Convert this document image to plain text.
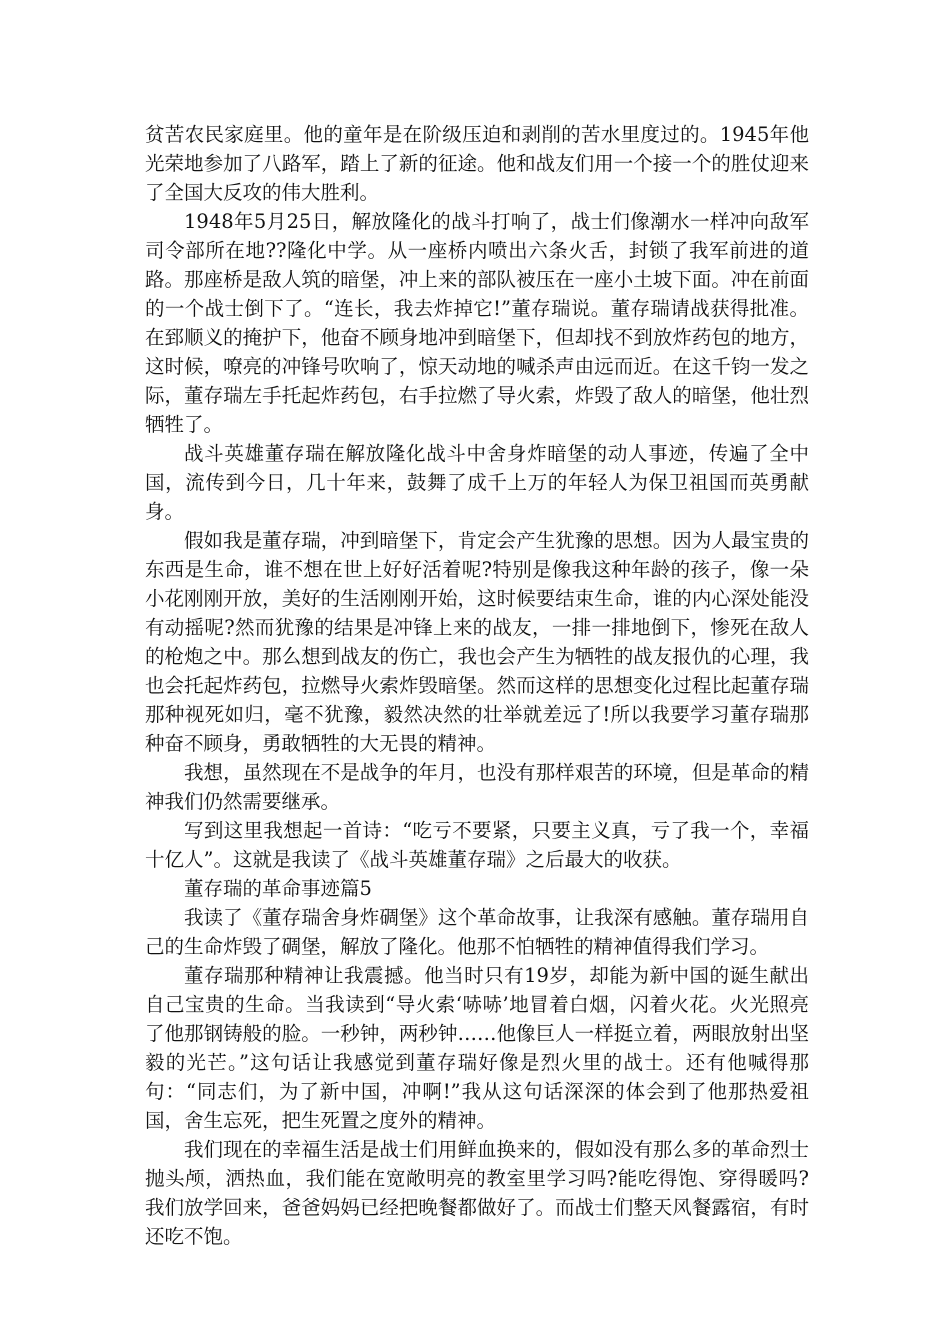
贫苦农民家庭里。他的童年是在阶级压迫和剥削的苦水里度过的。1945年他光荣地参加了八路军，踏上了新的征途。他和战友们用一个接一个的胜仗迎来了全国大反攻的伟大胜利。

1948年5月25日，解放隆化的战斗打响了，战士们像潮水一样冲向敌军司令部所在地??隆化中学。从一座桥内喷出六条火舌，封锁了我军前进的道路。那座桥是敌人筑的暗堡，冲上来的部队被压在一座小土坡下面。冲在前面的一个战士倒下了。“连长，我去炸掉它!”董存瑞说。董存瑞请战获得批准。在郅顺义的掩护下，他奋不顾身地冲到暗堡下，但却找不到放炸药包的地方，这时候，嘹亮的冲锋号吹响了，惊天动地的喊杀声由远而近。在这千钧一发之际，董存瑞左手托起炸药包，右手拉燃了导火索，炸毁了敌人的暗堡，他壮烈牺牲了。

战斗英雄董存瑞在解放隆化战斗中舍身炸暗堡的动人事迹，传遍了全中国，流传到今日，几十年来，鼓舞了成千上万的年轻人为保卫祖国而英勇献身。

假如我是董存瑞，冲到暗堡下，肯定会产生犹豫的思想。因为人最宝贵的东西是生命，谁不想在世上好好活着呢?特别是像我这种年龄的孩子，像一朵小花刚刚开放，美好的生活刚刚开始，这时候要结束生命，谁的内心深处能没有动摇呢?然而犹豫的结果是冲锋上来的战友，一排一排地倒下，惨死在敌人的枪炮之中。那么想到战友的伤亡，我也会产生为牺牲的战友报仇的心理，我也会托起炸药包，拉燃导火索炸毁暗堡。然而这样的思想变化过程比起董存瑞那种视死如归，毫不犹豫，毅然决然的壮举就差远了!所以我要学习董存瑞那种奋不顾身，勇敢牺牲的大无畏的精神。

我想，虽然现在不是战争的年月，也没有那样艰苦的环境，但是革命的精神我们仍然需要继承。

写到这里我想起一首诗：“吃亏不要紧，只要主义真，亏了我一个，幸福十亿人”。这就是我读了《战斗英雄董存瑞》之后最大的收获。

董存瑞的革命事迹篇5

我读了《董存瑞舍身炸碉堡》这个革命故事，让我深有感触。董存瑞用自己的生命炸毁了碉堡，解放了隆化。他那不怕牺牲的精神值得我们学习。

董存瑞那种精神让我震撼。他当时只有19岁，却能为新中国的诞生献出自己宝贵的生命。当我读到“导火索‘哧哧’地冒着白烟，闪着火花。火光照亮了他那钢铸般的脸。一秒钟，两秒钟……他像巨人一样挺立着，两眼放射出坚毅的光芒。”这句话让我感觉到董存瑞好像是烈火里的战士。还有他喊得那句：“同志们，为了新中国，冲啊!”我从这句话深深的体会到了他那热爱祖国，舍生忘死，把生死置之度外的精神。

我们现在的幸福生活是战士们用鲜血换来的，假如没有那么多的革命烈士抛头颅，洒热血，我们能在宽敞明亮的教室里学习吗?能吃得饱、穿得暖吗?我们放学回来，爸爸妈妈已经把晚餐都做好了。而战士们整天风餐露宿，有时还吃不饱。
